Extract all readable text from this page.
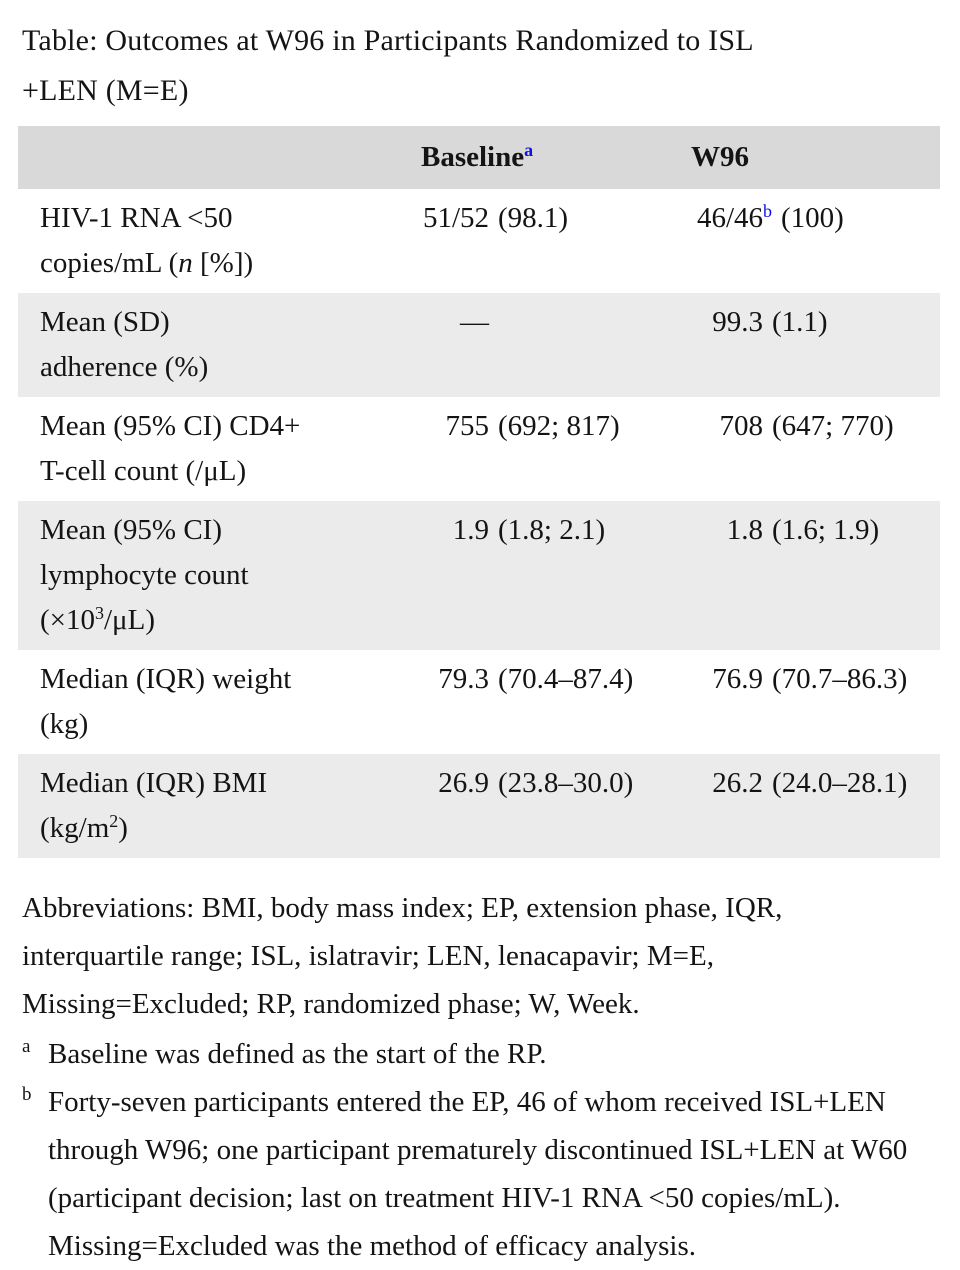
Table: Outcomes at W96 in Participants Randomized to ISL
+LEN (M=E)
	Baseline$^a$	W96
HIV-1 RNA <50
copies/mL (n [%])	51/52 (98.1)	46/46$^b$ (100)
Mean (SD)
adherence (%)	—	99.3 (1.1)
Mean (95% CI) CD4+
T-cell count (/μL)	755 (692; 817)	708 (647; 770)
Mean (95% CI)
lymphocyte count
$(\times 10^3/\mu L)$	1.9 (1.8; 2.1)	1.8 (1.6; 1.9)
Median (IQR) weight
(kg)	79.3 (70.4–87.4)	76.9 (70.7–86.3)
Median (IQR) BMI
$(kg/m^2)$	26.9 (23.8–30.0)	26.2 (24.0–28.1)

Abbreviations: BMI, body mass index; EP, extension phase, IQR, interquartile range; ISL, islatravir; LEN, lenacapavir; M=E, Missing=Excluded; RP, randomized phase; W, Week.

a Baseline was defined as the start of the RP.

b Forty-seven participants entered the EP, 46 of whom received ISL+LEN through W96; one participant prematurely discontinued ISL+LEN at W60 (participant decision; last on treatment HIV-1 RNA <50 copies/mL). Missing=Excluded was the method of efficacy analysis.
